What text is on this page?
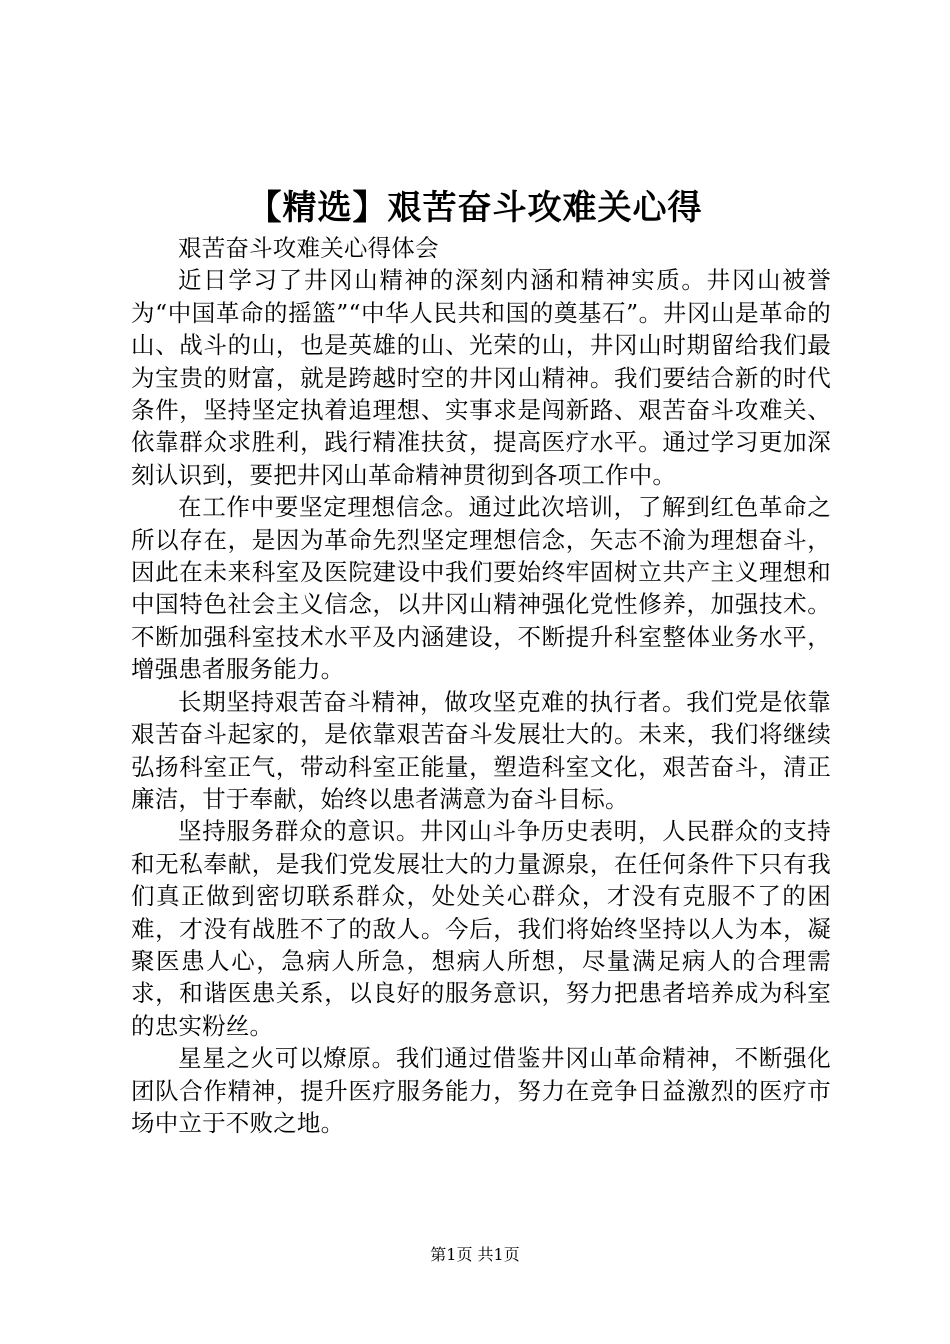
【精选】艰苦奋斗攻难关心得

艰苦奋斗攻难关心得体会

近日学习了井冈山精神的深刻内涵和精神实质。井冈山被誉为“中国革命的摇篮”“中华人民共和国的奠基石”。井冈山是革命的山、战斗的山，也是英雄的山、光荣的山，井冈山时期留给我们最为宝贵的财富，就是跨越时空的井冈山精神。我们要结合新的时代条件，坚持坚定执着追理想、实事求是闯新路、艰苦奋斗攻难关、依靠群众求胜利，践行精准扶贫，提高医疗水平。通过学习更加深刻认识到，要把井冈山革命精神贯彻到各项工作中。

在工作中要坚定理想信念。通过此次培训，了解到红色革命之所以存在，是因为革命先烈坚定理想信念，矢志不渝为理想奋斗，因此在未来科室及医院建设中我们要始终牢固树立共产主义理想和中国特色社会主义信念，以井冈山精神强化党性修养，加强技术。不断加强科室技术水平及内涵建设，不断提升科室整体业务水平，增强患者服务能力。

长期坚持艰苦奋斗精神，做攻坚克难的执行者。我们党是依靠艰苦奋斗起家的，是依靠艰苦奋斗发展壮大的。未来，我们将继续弘扬科室正气，带动科室正能量，塑造科室文化，艰苦奋斗，清正廉洁，甘于奉献，始终以患者满意为奋斗目标。

坚持服务群众的意识。井冈山斗争历史表明，人民群众的支持和无私奉献，是我们党发展壮大的力量源泉，在任何条件下只有我们真正做到密切联系群众，处处关心群众，才没有克服不了的困难，才没有战胜不了的敌人。今后，我们将始终坚持以人为本，凝聚医患人心，急病人所急，想病人所想，尽量满足病人的合理需求，和谐医患关系，以良好的服务意识，努力把患者培养成为科室的忠实粉丝。

星星之火可以燎原。我们通过借鉴井冈山革命精神，不断强化团队合作精神，提升医疗服务能力，努力在竞争日益激烈的医疗市场中立于不败之地。

第1页 共1页
